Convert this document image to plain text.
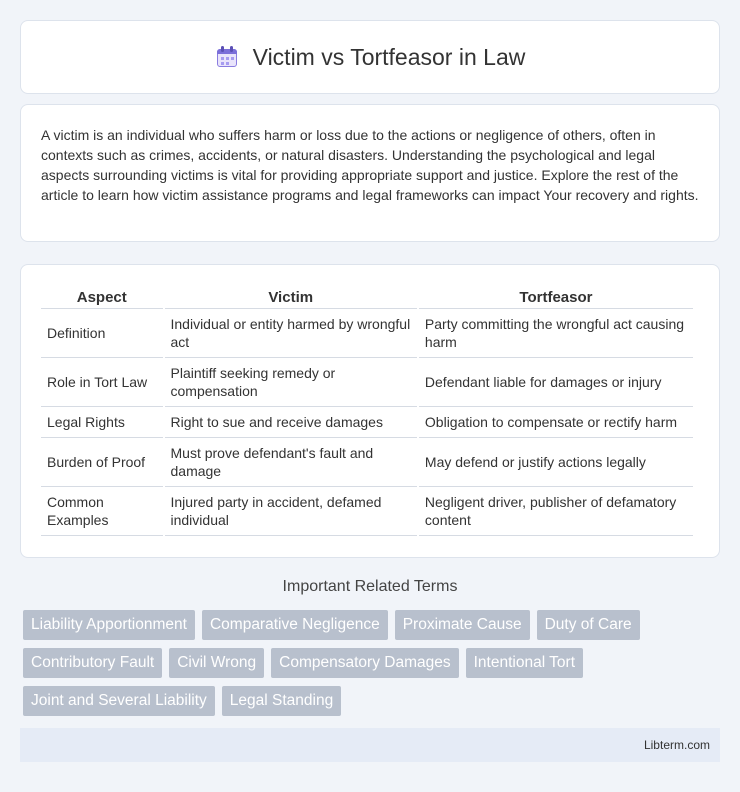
Victim vs Tortfeasor in Law

A victim is an individual who suffers harm or loss due to the actions or negligence of others, often in contexts such as crimes, accidents, or natural disasters. Understanding the psychological and legal aspects surrounding victims is vital for providing appropriate support and justice. Explore the rest of the article to learn how victim assistance programs and legal frameworks can impact Your recovery and rights.

Aspect	Victim	Tortfeasor
Definition	Individual or entity harmed by wrongful act	Party committing the wrongful act causing harm
Role in Tort Law	Plaintiff seeking remedy or compensation	Defendant liable for damages or injury
Legal Rights	Right to sue and receive damages	Obligation to compensate or rectify harm
Burden of Proof	Must prove defendant's fault and damage	May defend or justify actions legally
Common Examples	Injured party in accident, defamed individual	Negligent driver, publisher of defamatory content
Important Related Terms
Liability Apportionment	Comparative Negligence	Proximate Cause	Duty of Care
Contributory Fault	Civil Wrong	Compensatory Damages	Intentional Tort
Joint and Several Liability	Legal Standing
Libterm.com
